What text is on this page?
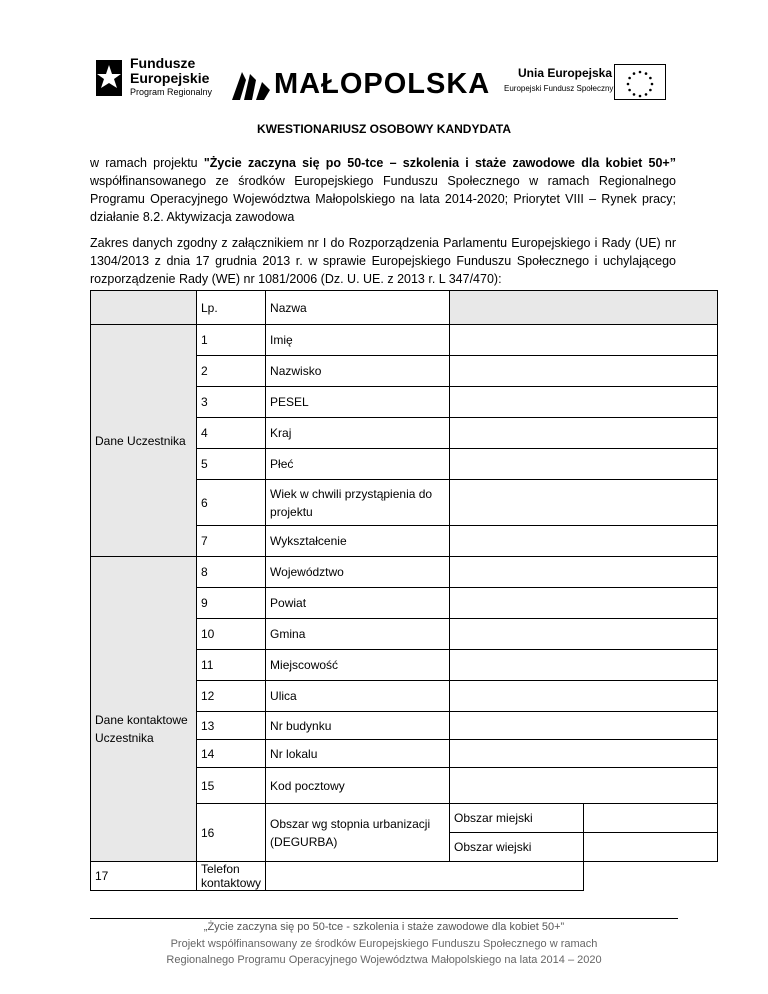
Fundusze
Europejskie
Program Regionalny MAŁOPOLSKA Unia Europejska
Europejski Fundusz Społeczny
KWESTIONARIUSZ OSOBOWY KANDYDATA
w ramach projektu "Życie zaczyna się po 50-tce – szkolenia i staże zawodowe dla kobiet 50+” współfinansowanego ze środków Europejskiego Funduszu Społecznego w ramach Regionalnego Programu Operacyjnego Województwa Małopolskiego na lata 2014-2020; Priorytet VIII – Rynek pracy; działanie 8.2. Aktywizacja zawodowa
Zakres danych zgodny z załącznikiem nr I do Rozporządzenia Parlamentu Europejskiego i Rady (UE) nr 1304/2013 z dnia 17 grudnia 2013 r. w sprawie Europejskiego Funduszu Społecznego i uchylającego rozporządzenie Rady (WE) nr 1081/2006 (Dz. U. UE. z 2013 r. L 347/470):
	Lp.	Nazwa		
Dane Uczestnika	1	Imię		
	2	Nazwisko		
	3	PESEL		
	4	Kraj		
	5	Płeć		
	6	Wiek w chwili przystąpienia do projektu		
	7	Wykształcenie		
Dane kontaktowe Uczestnika	8	Województwo		
	9	Powiat		
	10	Gmina		
	11	Miejscowość		
	12	Ulica		
	13	Nr budynku		
	14	Nr lokalu		
	15	Kod pocztowy		
	16	Obszar wg stopnia urbanizacji (DEGURBA)	Obszar miejski	
			Obszar wiejski	
17	Telefon kontaktowy			
„Życie zaczyna się po 50-tce - szkolenia i staże zawodowe dla kobiet 50+”
Projekt współfinansowany ze środków Europejskiego Funduszu Społecznego w ramach
Regionalnego Programu Operacyjnego Województwa Małopolskiego na lata 2014 – 2020
